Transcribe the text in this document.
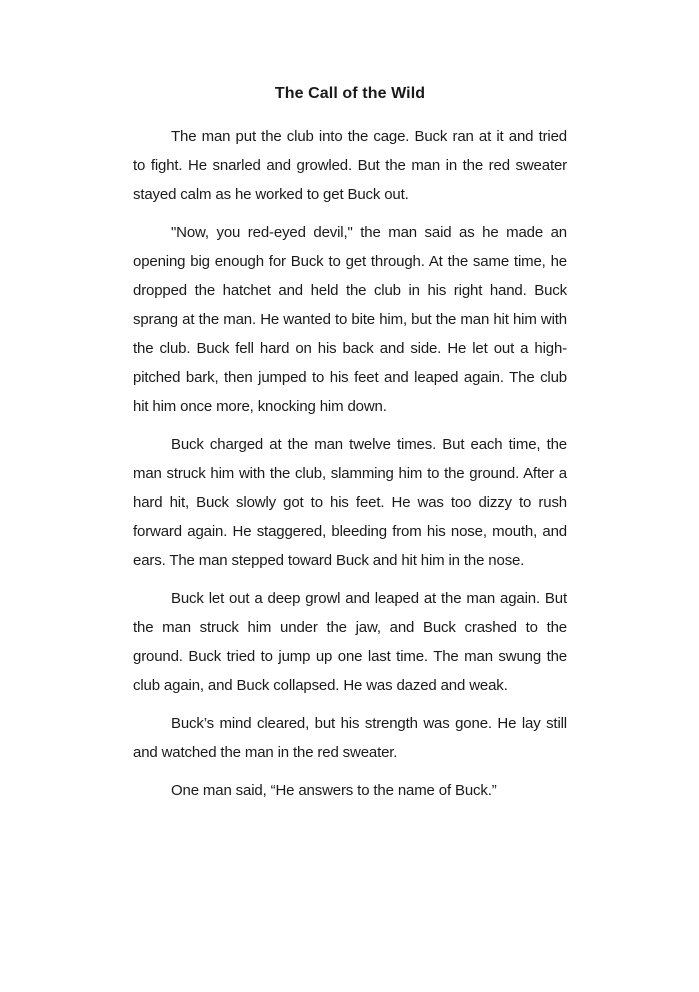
The Call of the Wild

The man put the club into the cage. Buck ran at it and tried to fight. He snarled and growled. But the man in the red sweater stayed calm as he worked to get Buck out.

"Now, you red-eyed devil," the man said as he made an opening big enough for Buck to get through. At the same time, he dropped the hatchet and held the club in his right hand. Buck sprang at the man. He wanted to bite him, but the man hit him with the club. Buck fell hard on his back and side. He let out a high-pitched bark, then jumped to his feet and leaped again. The club hit him once more, knocking him down.

Buck charged at the man twelve times. But each time, the man struck him with the club, slamming him to the ground. After a hard hit, Buck slowly got to his feet. He was too dizzy to rush forward again. He staggered, bleeding from his nose, mouth, and ears. The man stepped toward Buck and hit him in the nose.

Buck let out a deep growl and leaped at the man again. But the man struck him under the jaw, and Buck crashed to the ground. Buck tried to jump up one last time. The man swung the club again, and Buck collapsed. He was dazed and weak.

Buck’s mind cleared, but his strength was gone. He lay still and watched the man in the red sweater.

One man said, “He answers to the name of Buck.”
